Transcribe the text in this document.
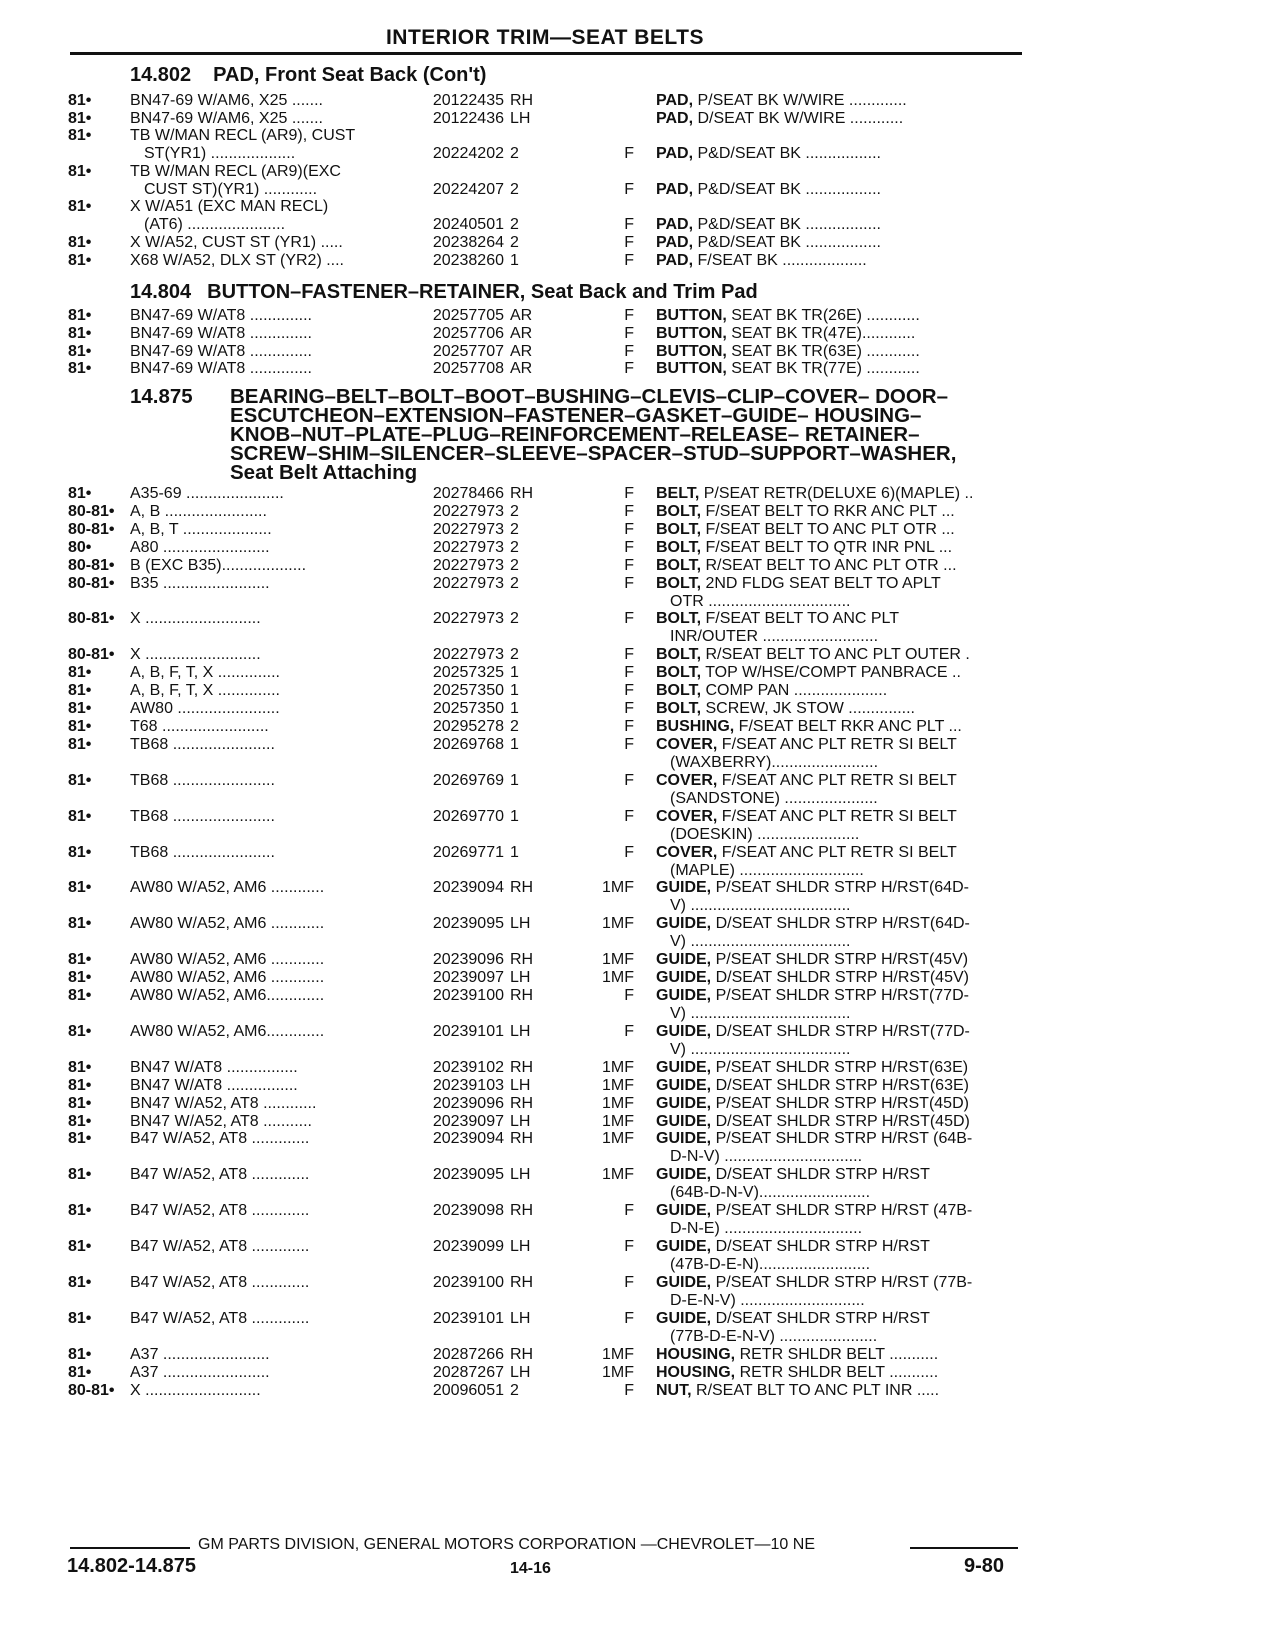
INTERIOR TRIM—SEAT BELTS
14.802 PAD, Front Seat Back (Con't)
81• BN47-69 W/AM6, X25 .......	20122435 RH	PAD, P/SEAT BK W/WIRE .............
81• BN47-69 W/AM6, X25 .......	20122436 LH	PAD, D/SEAT BK W/WIRE ............
81• TB W/MAN RECL (AR9), CUST
ST(YR1) ...................	20224202 2	F PAD, P&D/SEAT BK .................
81• TB W/MAN RECL (AR9)(EXC
CUST ST)(YR1) ............	20224207 2	F PAD, P&D/SEAT BK .................
81• X W/A51 (EXC MAN RECL)
(AT6) ......................	20240501 2	F PAD, P&D/SEAT BK .................
81• X W/A52, CUST ST (YR1) .....	20238264 2	F PAD, P&D/SEAT BK .................
81• X68 W/A52, DLX ST (YR2) ....	20238260 1	F PAD, F/SEAT BK ...................
14.804 BUTTON–FASTENER–RETAINER, Seat Back and Trim Pad
81• BN47-69 W/AT8 ..............	20257705 AR	F BUTTON, SEAT BK TR(26E) ............
81• BN47-69 W/AT8 ..............	20257706 AR	F BUTTON, SEAT BK TR(47E)............
81• BN47-69 W/AT8 ..............	20257707 AR	F BUTTON, SEAT BK TR(63E) ............
81• BN47-69 W/AT8 ..............	20257708 AR	F BUTTON, SEAT BK TR(77E) ............
14.875 BEARING–BELT–BOLT–BOOT–BUSHING–CLEVIS–CLIP–COVER– DOOR–
ESCUTCHEON–EXTENSION–FASTENER–GASKET–GUIDE– HOUSING–
KNOB–NUT–PLATE–PLUG–REINFORCEMENT–RELEASE– RETAINER–
SCREW–SHIM–SILENCER–SLEEVE–SPACER–STUD–SUPPORT–WASHER,
Seat Belt Attaching
81• A35-69 ......................	20278466 RH	F BELT, P/SEAT RETR(DELUXE 6)(MAPLE) ..
80-81• A, B .......................	20227973 2	F BOLT, F/SEAT BELT TO RKR ANC PLT ...
80-81• A, B, T ....................	20227973 2	F BOLT, F/SEAT BELT TO ANC PLT OTR ...
80• A80 ........................	20227973 2	F BOLT, F/SEAT BELT TO QTR INR PNL ...
80-81• B (EXC B35)...................	20227973 2	F BOLT, R/SEAT BELT TO ANC PLT OTR ...
80-81• B35 ........................	20227973 2	F BOLT, 2ND FLDG SEAT BELT TO APLT
OTR ................................
80-81• X ..........................	20227973 2	F BOLT, F/SEAT BELT TO ANC PLT
INR/OUTER ..........................
80-81• X ..........................	20227973 2	F BOLT, R/SEAT BELT TO ANC PLT OUTER .
81• A, B, F, T, X ..............	20257325 1	F BOLT, TOP W/HSE/COMPT PANBRACE ..
81• A, B, F, T, X ..............	20257350 1	F BOLT, COMP PAN .....................
81• AW80 .......................	20257350 1	F BOLT, SCREW, JK STOW ...............
81• T68 ........................	20295278 2	F BUSHING, F/SEAT BELT RKR ANC PLT ...
81• TB68 .......................	20269768 1	F COVER, F/SEAT ANC PLT RETR SI BELT
(WAXBERRY)........................
81• TB68 .......................	20269769 1	F COVER, F/SEAT ANC PLT RETR SI BELT
(SANDSTONE) .....................
81• TB68 .......................	20269770 1	F COVER, F/SEAT ANC PLT RETR SI BELT
(DOESKIN) .......................
81• TB68 .......................	20269771 1	F COVER, F/SEAT ANC PLT RETR SI BELT
(MAPLE) ............................
81• AW80 W/A52, AM6 ............	20239094 RH	1MF GUIDE, P/SEAT SHLDR STRP H/RST(64D-
V) ....................................
81• AW80 W/A52, AM6 ............	20239095 LH	1MF GUIDE, D/SEAT SHLDR STRP H/RST(64D-
V) ....................................
81• AW80 W/A52, AM6 ............	20239096 RH	1MF GUIDE, P/SEAT SHLDR STRP H/RST(45V)
81• AW80 W/A52, AM6 ............	20239097 LH	1MF GUIDE, D/SEAT SHLDR STRP H/RST(45V)
81• AW80 W/A52, AM6.............	20239100 RH	F GUIDE, P/SEAT SHLDR STRP H/RST(77D-
V) ....................................
81• AW80 W/A52, AM6.............	20239101 LH	F GUIDE, D/SEAT SHLDR STRP H/RST(77D-
V) ....................................
81• BN47 W/AT8 ................	20239102 RH	1MF GUIDE, P/SEAT SHLDR STRP H/RST(63E)
81• BN47 W/AT8 ................	20239103 LH	1MF GUIDE, D/SEAT SHLDR STRP H/RST(63E)
81• BN47 W/A52, AT8 ............	20239096 RH	1MF GUIDE, P/SEAT SHLDR STRP H/RST(45D)
81• BN47 W/A52, AT8 ...........	20239097 LH	1MF GUIDE, D/SEAT SHLDR STRP H/RST(45D)
81• B47 W/A52, AT8 .............	20239094 RH	1MF GUIDE, P/SEAT SHLDR STRP H/RST (64B-
D-N-V) ...............................
81• B47 W/A52, AT8 .............	20239095 LH	1MF GUIDE, D/SEAT SHLDR STRP H/RST
(64B-D-N-V).........................
81• B47 W/A52, AT8 .............	20239098 RH	F GUIDE, P/SEAT SHLDR STRP H/RST (47B-
D-N-E) ...............................
81• B47 W/A52, AT8 .............	20239099 LH	F GUIDE, D/SEAT SHLDR STRP H/RST
(47B-D-E-N).........................
81• B47 W/A52, AT8 .............	20239100 RH	F GUIDE, P/SEAT SHLDR STRP H/RST (77B-
D-E-N-V) ............................
81• B47 W/A52, AT8 .............	20239101 LH	F GUIDE, D/SEAT SHLDR STRP H/RST
(77B-D-E-N-V) ......................
81• A37 ........................	20287266 RH	1MF HOUSING, RETR SHLDR BELT ...........
81• A37 ........................	20287267 LH	1MF HOUSING, RETR SHLDR BELT ...........
80-81• X ..........................	20096051 2	F NUT, R/SEAT BLT TO ANC PLT INR .....
GM PARTS DIVISION, GENERAL MOTORS CORPORATION —CHEVROLET—10 NE
14.802-14.875	14-16	9-80
